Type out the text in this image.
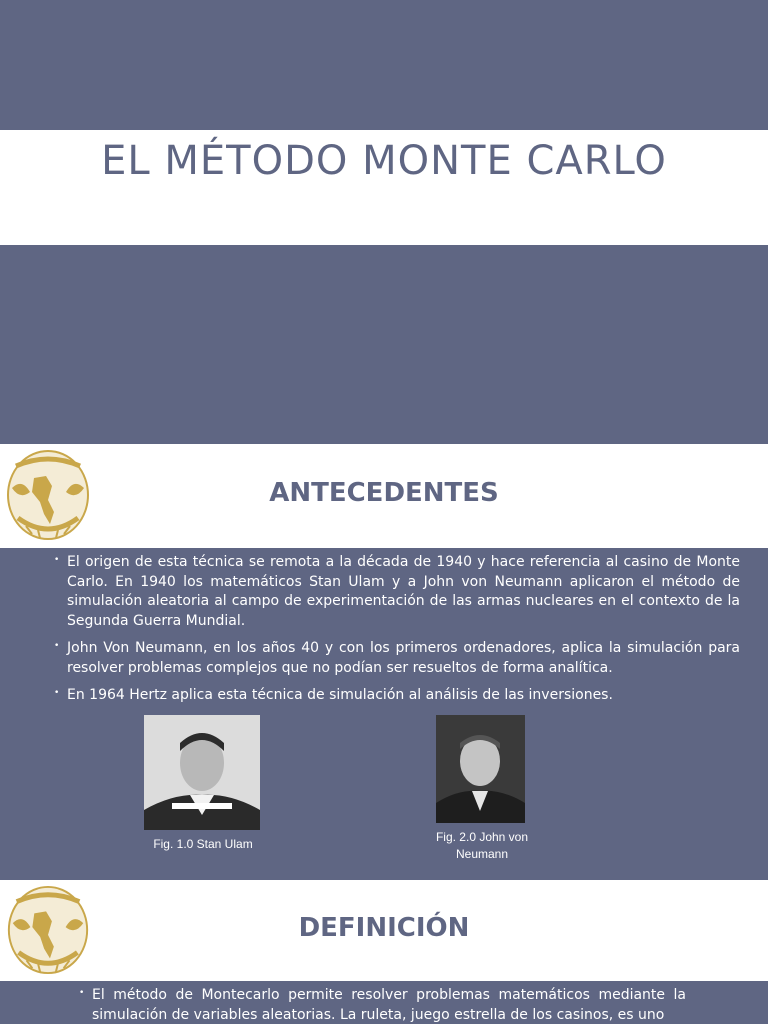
EL MÉTODO MONTE CARLO
ANTECEDENTES
• El origen de esta técnica se remota a la década de 1940 y hace referencia al casino de Monte Carlo. En 1940 los matemáticos Stan Ulam y a John von Neumann aplicaron el método de simulación aleatoria al campo de experimentación de las armas nucleares en el contexto de la Segunda Guerra Mundial.
• John Von Neumann, en los años 40 y con los primeros ordenadores, aplica la simulación para resolver problemas complejos que no podían ser resueltos de forma analítica.
• En 1964 Hertz aplica esta técnica de simulación al análisis de las inversiones.
Fig. 1.0 Stan Ulam	Fig. 2.0 John von Neumann
DEFINICIÓN
• El método de Montecarlo permite resolver problemas matemáticos mediante la simulación de variables aleatorias. La ruleta, juego estrella de los casinos, es uno
